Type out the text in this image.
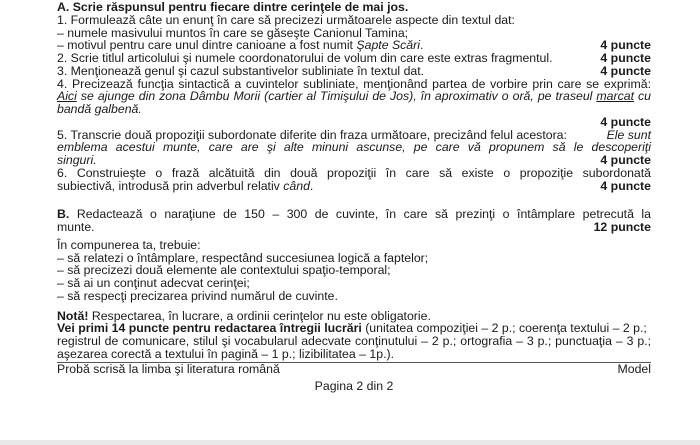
A. Scrie răspunsul pentru fiecare dintre cerinţele de mai jos.
1. Formulează câte un enunţ în care să precizezi următoarele aspecte din textul dat:
– numele masivului muntos în care se găseşte Canionul Tamina;
– motivul pentru care unul dintre canioane a fost numit Şapte Scări.	4 puncte
2. Scrie titlul articolului şi numele coordonatorului de volum din care este extras fragmentul.	4 puncte
3. Menţionează genul şi cazul substantivelor subliniate în textul dat.	4 puncte
4. Precizează funcţia sintactică a cuvintelor subliniate, menţionând partea de vorbire prin care se exprimă:
Aici se ajunge din zona Dâmbu Morii (cartier al Timişului de Jos), în aproximativ o oră, pe traseul marcat cu
bandă galbenă.
4 puncte
5. Transcrie două propoziţii subordonate diferite din fraza următoare, precizând felul acestora:	Ele sunt
emblema acestui munte, care are şi alte minuni ascunse, pe care vă propunem să le descoperiţi
singuri.	4 puncte
6. Construieşte o frază alcătuită din două propoziţii în care să existe o propoziţie subordonată
subiectivă, introdusă prin adverbul relativ când.	4 puncte
B. Redactează o naraţiune de 150 – 300 de cuvinte, în care să prezinţi o întâmplare petrecută la
munte.	12 puncte
În compunerea ta, trebuie:
– să relatezi o întâmplare, respectând succesiunea logică a faptelor;
– să precizezi două elemente ale contextului spaţio-temporal;
– să ai un conţinut adecvat cerinţei;
– să respecţi precizarea privind numărul de cuvinte.
Notă! Respectarea, în lucrare, a ordinii cerinţelor nu este obligatorie.
Vei primi 14 puncte pentru redactarea întregii lucrări (unitatea compoziţiei – 2 p.; coerenţa textului – 2 p.;
registrul de comunicare, stilul şi vocabularul adecvate conţinutului – 2 p.; ortografia – 3 p.; punctuaţia – 3 p.;
aşezarea corectă a textului în pagină – 1 p.; lizibilitatea – 1p.).
Probă scrisă la limba şi literatura română	Model
Pagina 2 din 2
